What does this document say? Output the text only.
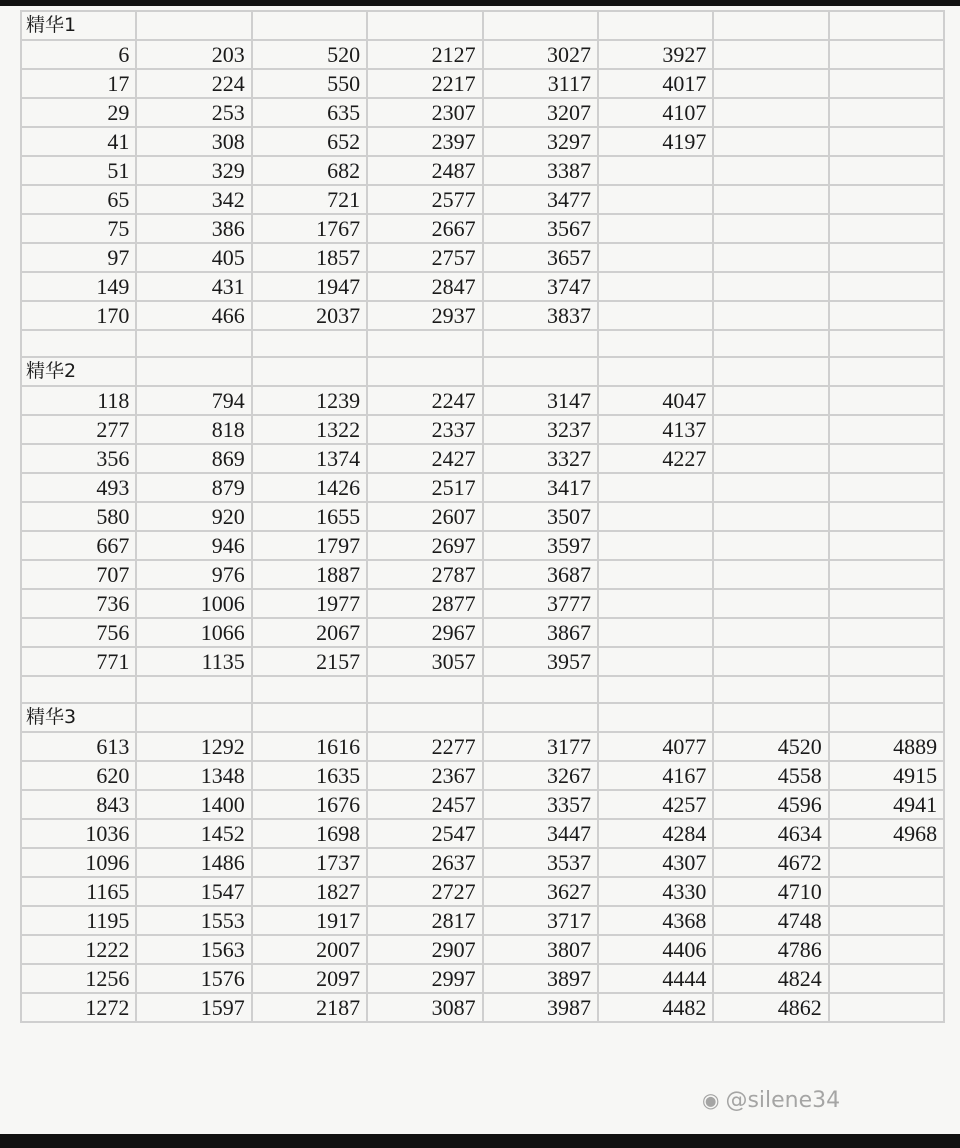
精华1							
6	203	520	2127	3027	3927		
17	224	550	2217	3117	4017		
29	253	635	2307	3207	4107		
41	308	652	2397	3297	4197		
51	329	682	2487	3387			
65	342	721	2577	3477			
75	386	1767	2667	3567			
97	405	1857	2757	3657			
149	431	1947	2847	3747			
170	466	2037	2937	3837			

精华2							
118	794	1239	2247	3147	4047		
277	818	1322	2337	3237	4137		
356	869	1374	2427	3327	4227		
493	879	1426	2517	3417			
580	920	1655	2607	3507			
667	946	1797	2697	3597			
707	976	1887	2787	3687			
736	1006	1977	2877	3777			
756	1066	2067	2967	3867			
771	1135	2157	3057	3957			

精华3							
613	1292	1616	2277	3177	4077	4520	4889
620	1348	1635	2367	3267	4167	4558	4915
843	1400	1676	2457	3357	4257	4596	4941
1036	1452	1698	2547	3447	4284	4634	4968
1096	1486	1737	2637	3537	4307	4672	
1165	1547	1827	2727	3627	4330	4710	
1195	1553	1917	2817	3717	4368	4748	
1222	1563	2007	2907	3807	4406	4786	
1256	1576	2097	2997	3897	4444	4824	
1272	1597	2187	3087	3987	4482	4862	
◉ @silene34
